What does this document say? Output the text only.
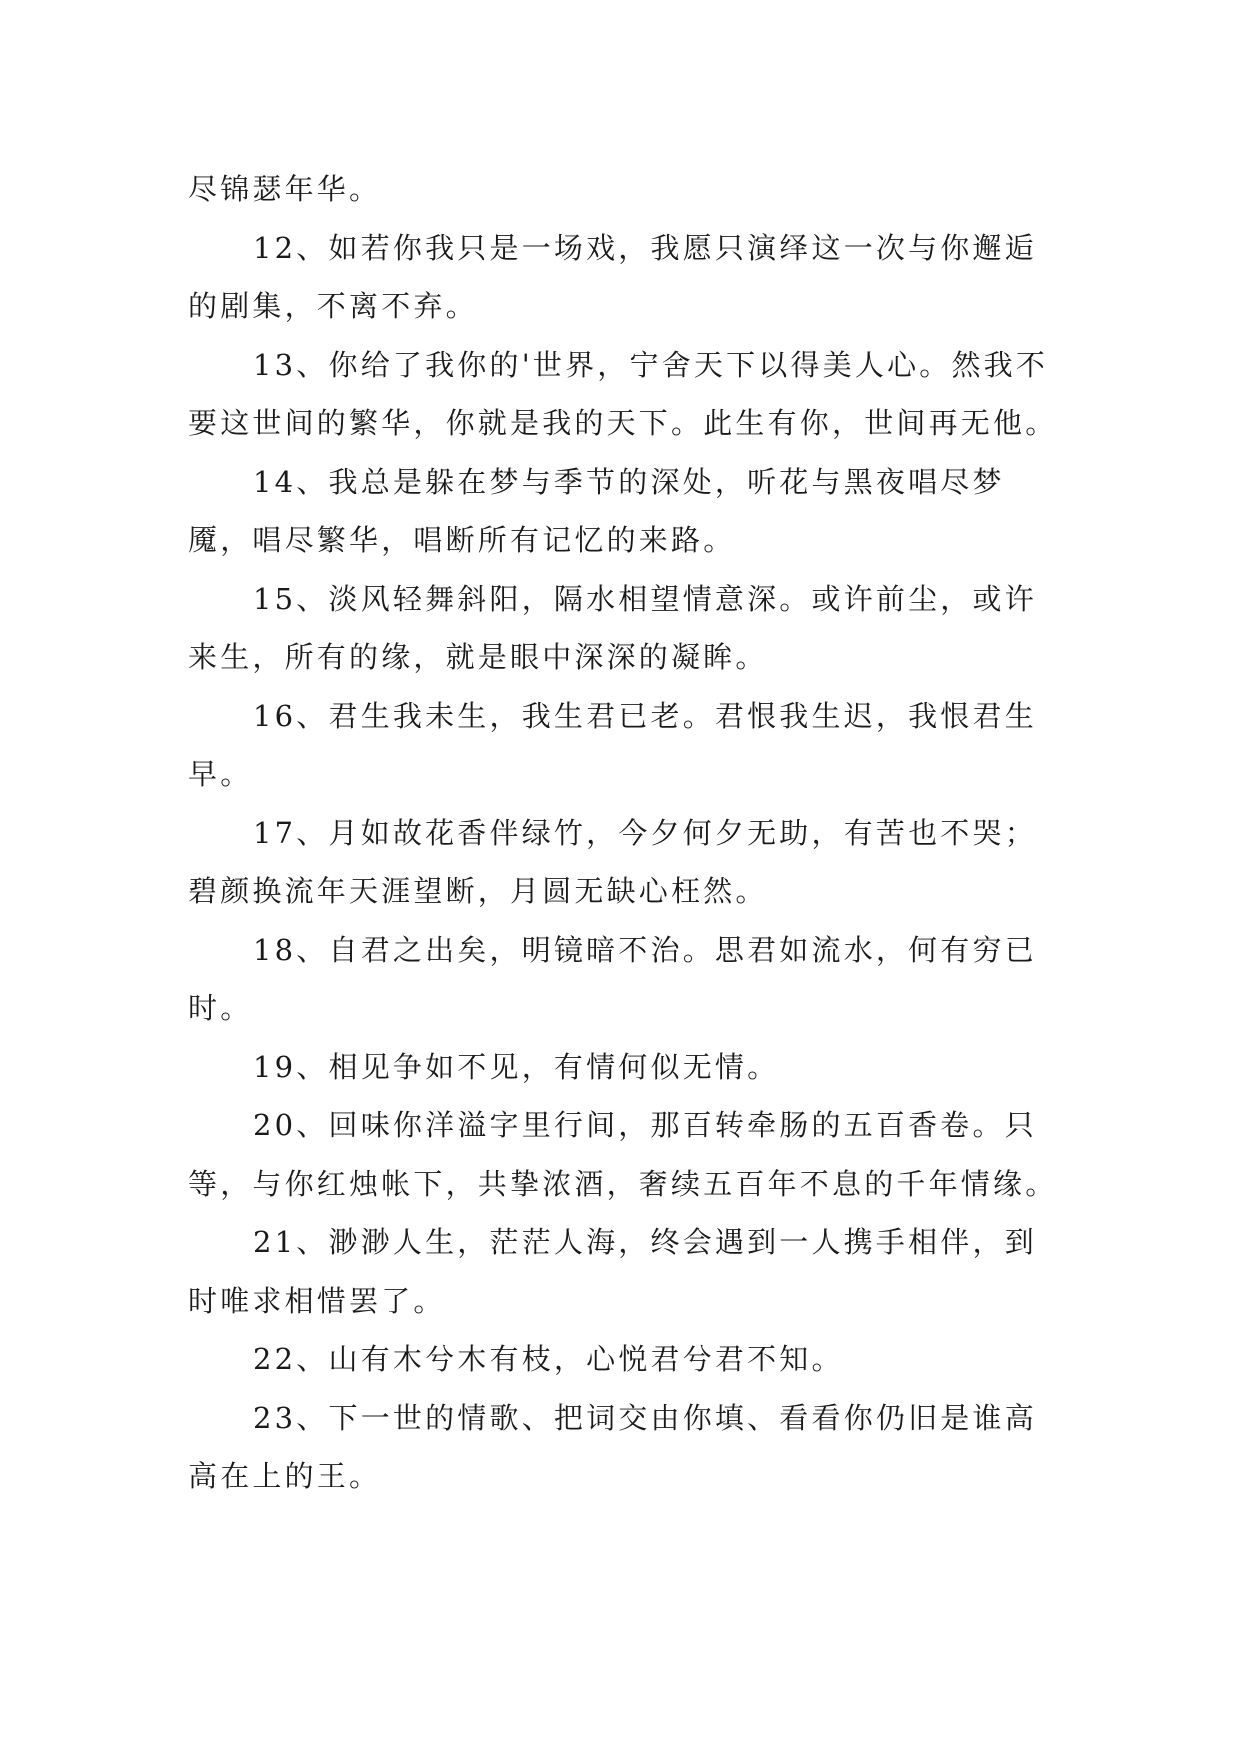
尽锦瑟年华。

12、如若你我只是一场戏，我愿只演绎这一次与你邂逅的剧集，不离不弃。

13、你给了我你的'世界，宁舍天下以得美人心。然我不要这世间的繁华，你就是我的天下。此生有你，世间再无他。

14、我总是躲在梦与季节的深处，听花与黑夜唱尽梦魇，唱尽繁华，唱断所有记忆的来路。

15、淡风轻舞斜阳，隔水相望情意深。或许前尘，或许来生，所有的缘，就是眼中深深的凝眸。

16、君生我未生，我生君已老。君恨我生迟，我恨君生早。

17、月如故花香伴绿竹，今夕何夕无助，有苦也不哭；碧颜换流年天涯望断，月圆无缺心枉然。

18、自君之出矣，明镜暗不治。思君如流水，何有穷已时。

19、相见争如不见，有情何似无情。

20、回味你洋溢字里行间，那百转牵肠的五百香卷。只等，与你红烛帐下，共挚浓酒，奢续五百年不息的千年情缘。

21、渺渺人生，茫茫人海，终会遇到一人携手相伴，到时唯求相惜罢了。

22、山有木兮木有枝，心悦君兮君不知。

23、下一世的情歌、把词交由你填、看看你仍旧是谁高高在上的王。
